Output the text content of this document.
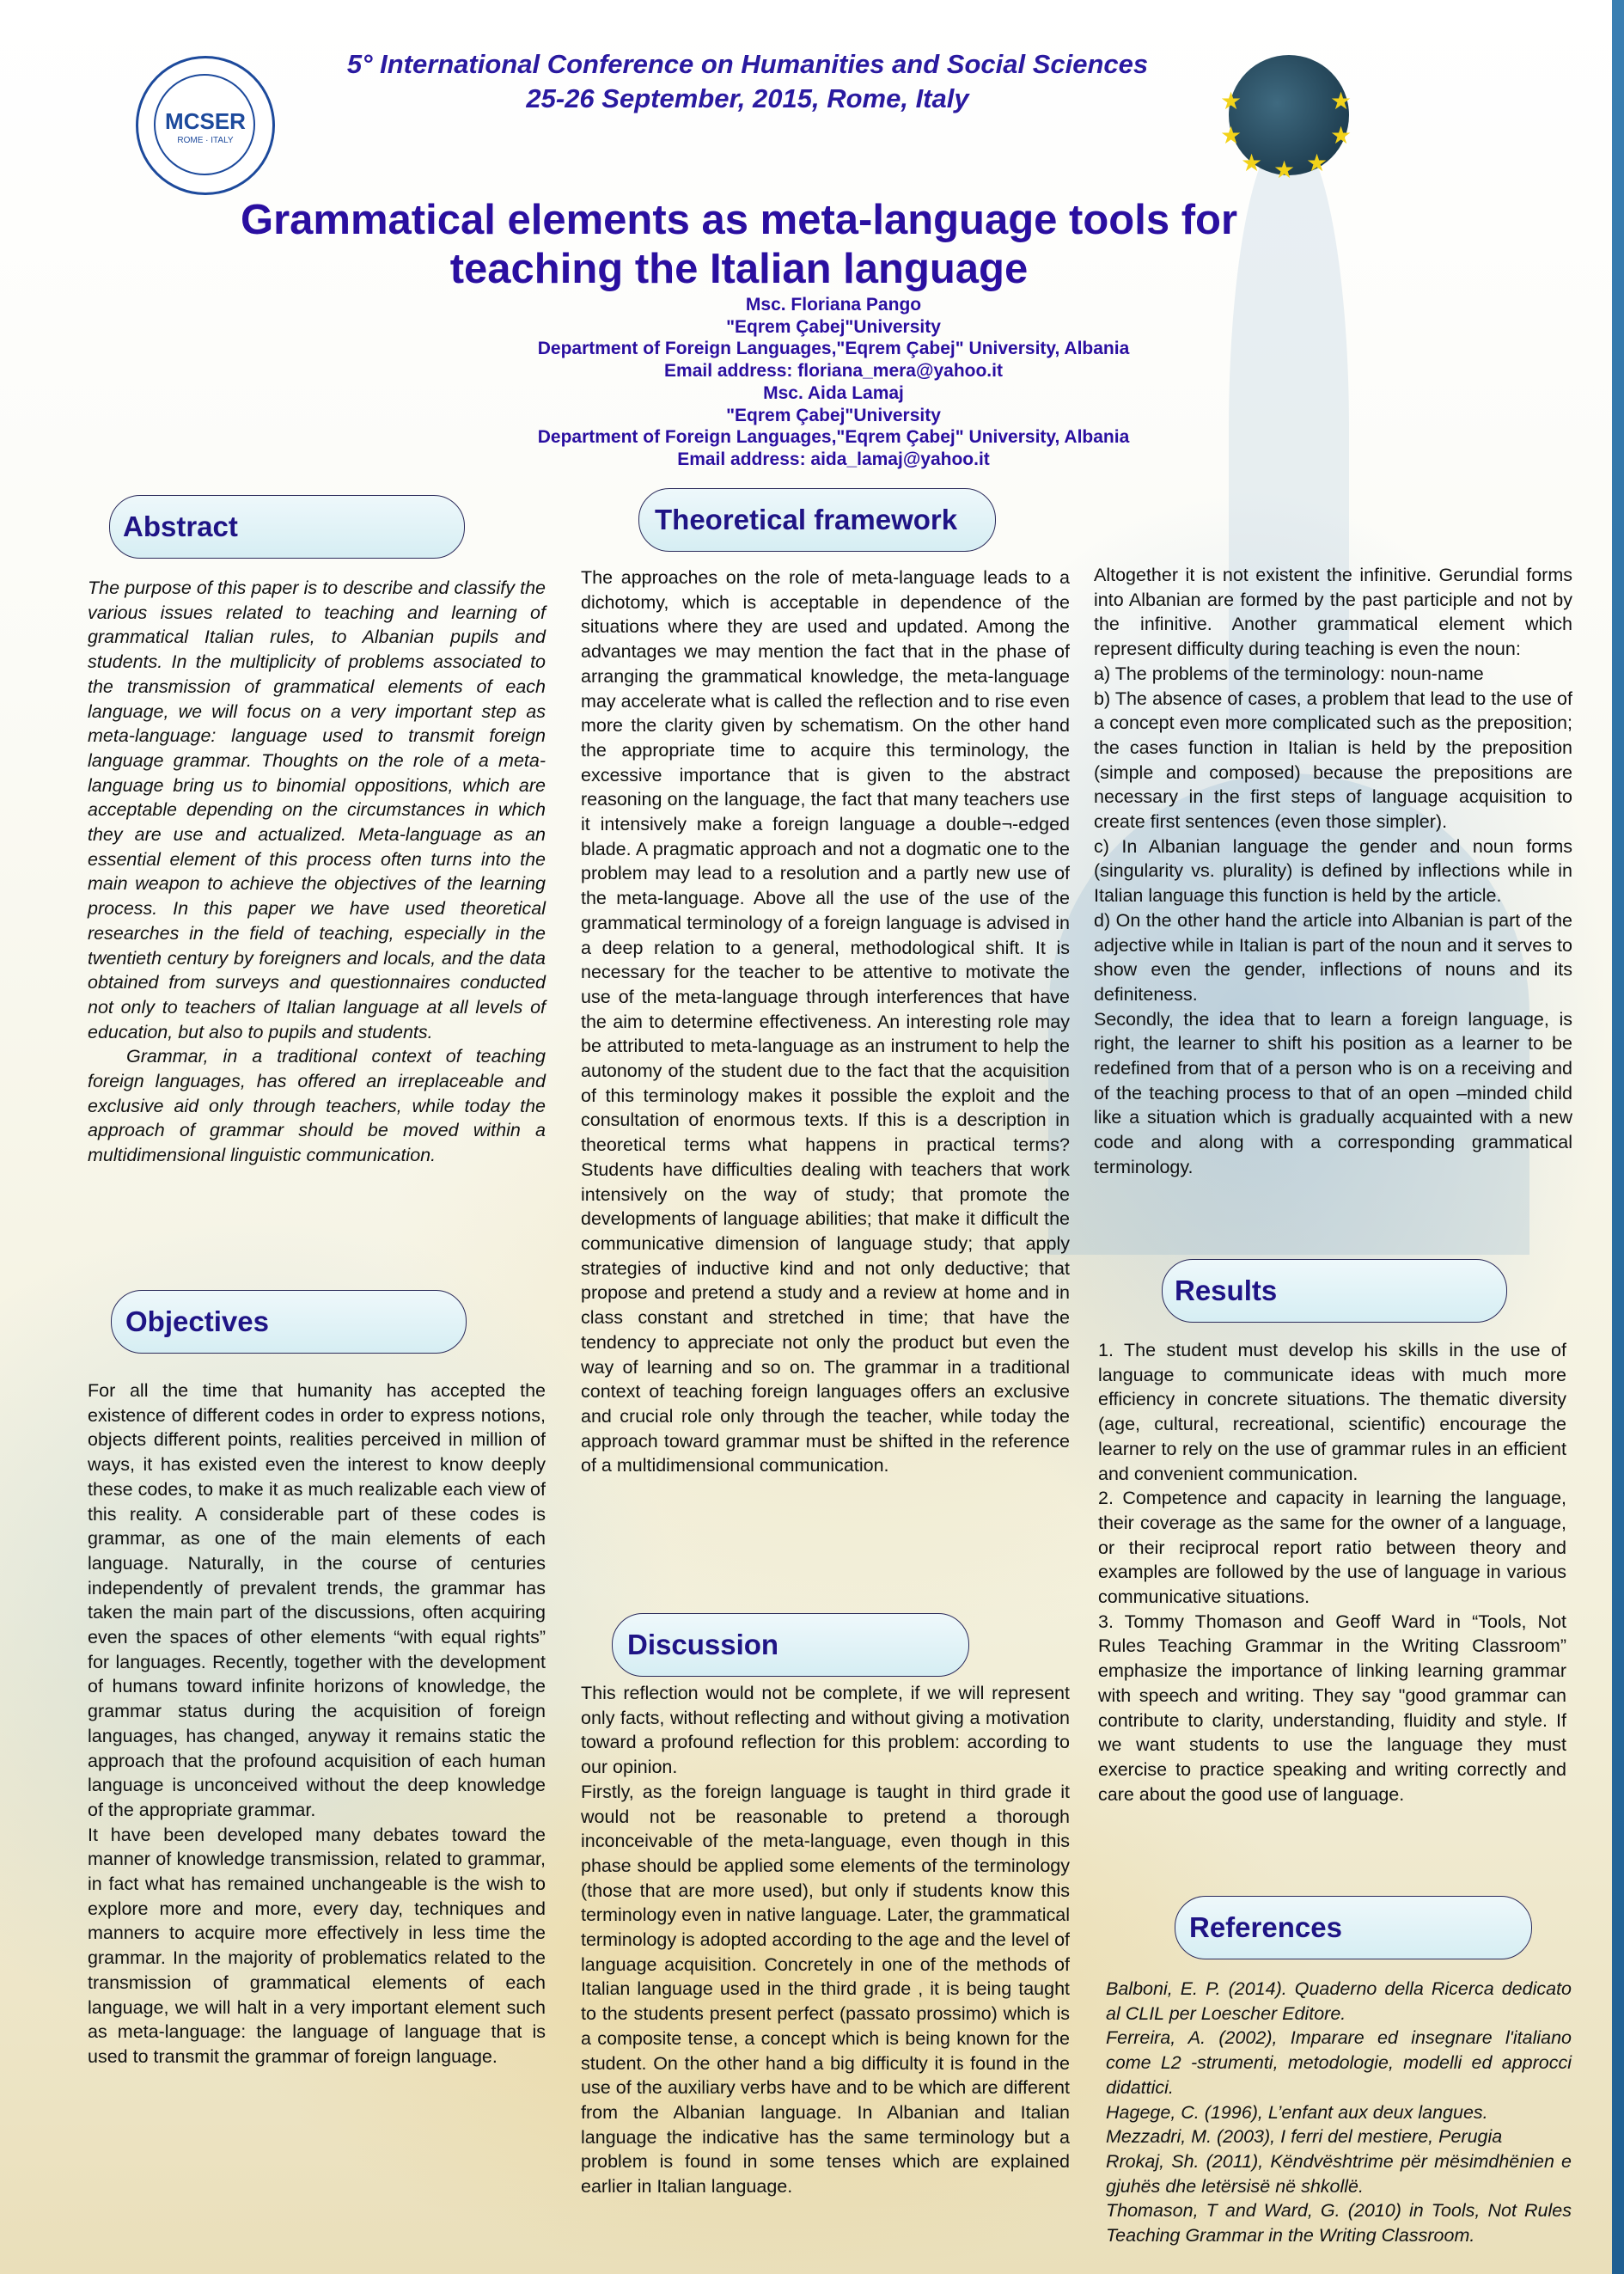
MCSER
ROME · ITALY
5° International Conference on Humanities and Social Sciences
25-26 September, 2015, Rome, Italy	★
★
★ ★ ★
★
★
Grammatical elements as meta-language tools for
teaching the Italian language
Msc. Floriana Pango
"Eqrem Çabej"University
Department of Foreign Languages,"Eqrem Çabej" University, Albania
Email address: floriana_mera@yahoo.it
Msc. Aida Lamaj
"Eqrem Çabej"University
Department of Foreign Languages,"Eqrem Çabej" University, Albania
Email address: aida_lamaj@yahoo.it
Abstract	Theoretical framework
Objectives
Discussion
Results
References

The purpose of this paper is to describe and classify the various issues related to teaching and learning of grammatical Italian rules, to Albanian pupils and students. In the multiplicity of problems associated to the transmission of grammatical elements of each language, we will focus on a very important step as meta-language: language used to transmit foreign language grammar. Thoughts on the role of a meta-language bring us to binomial oppositions, which are acceptable depending on the circumstances in which they are use and actualized. Meta-language as an essential element of this process often turns into the main weapon to achieve the objectives of the learning process. In this paper we have used theoretical researches in the field of teaching, especially in the twentieth century by foreigners and locals, and the data obtained from surveys and questionnaires conducted not only to teachers of Italian language at all levels of education, but also to pupils and students.

Grammar, in a traditional context of teaching foreign languages, has offered an irreplaceable and exclusive aid only through teachers, while today the approach of grammar should be moved within a multidimensional linguistic communication.

For all the time that humanity has accepted the existence of different codes in order to express notions, objects different points, realities perceived in million of ways, it has existed even the interest to know deeply these codes, to make it as much realizable each view of this reality. A considerable part of these codes is grammar, as one of the main elements of each language. Naturally, in the course of centuries independently of prevalent trends, the grammar has taken the main part of the discussions, often acquiring even the spaces of other elements “with equal rights” for languages. Recently, together with the development of humans toward infinite horizons of knowledge, the grammar status during the acquisition of foreign languages, has changed, anyway it remains static the approach that the profound acquisition of each human language is unconceived without the deep knowledge of the appropriate grammar.

It have been developed many debates toward the manner of knowledge transmission, related to grammar, in fact what has remained unchangeable is the wish to explore more and more, every day, techniques and manners to acquire more effectively in less time the grammar. In the majority of problematics related to the transmission of grammatical elements of each language, we will halt in a very important element such as meta-language: the language of language that is used to transmit the grammar of foreign language.

The approaches on the role of meta-language leads to a dichotomy, which is acceptable in dependence of the situations where they are used and updated. Among the advantages we may mention the fact that in the phase of arranging the grammatical knowledge, the meta-language may accelerate what is called the reflection and to rise even more the clarity given by schematism. On the other hand the appropriate time to acquire this terminology, the excessive importance that is given to the abstract reasoning on the language, the fact that many teachers use it intensively make a foreign language a double¬-edged blade. A pragmatic approach and not a dogmatic one to the problem may lead to a resolution and a partly new use of the meta-language. Above all the use of the use of the grammatical terminology of a foreign language is advised in a deep relation to a general, methodological shift. It is necessary for the teacher to be attentive to motivate the use of the meta-language through interferences that have the aim to determine effectiveness. An interesting role may be attributed to meta-language as an instrument to help the autonomy of the student due to the fact that the acquisition of this terminology makes it possible the exploit and the consultation of enormous texts. If this is a description in theoretical terms what happens in practical terms? Students have difficulties dealing with teachers that work intensively on the way of study; that promote the developments of language abilities; that make it difficult the communicative dimension of language study; that apply strategies of inductive kind and not only deductive; that propose and pretend a study and a review at home and in class constant and stretched in time; that have the tendency to appreciate not only the product but even the way of learning and so on. The grammar in a traditional context of teaching foreign languages offers an exclusive and crucial role only through the teacher, while today the approach toward grammar must be shifted in the reference of a multidimensional communication.

This reflection would not be complete, if we will represent only facts, without reflecting and without giving a motivation toward a profound reflection for this problem: according to our opinion.

Firstly, as the foreign language is taught in third grade it would not be reasonable to pretend a thorough inconceivable of the meta-language, even though in this phase should be applied some elements of the terminology (those that are more used), but only if students know this terminology even in native language. Later, the grammatical terminology is adopted according to the age and the level of language acquisition. Concretely in one of the methods of Italian language used in the third grade , it is being taught to the students present perfect (passato prossimo) which is a composite tense, a concept which is being known for the student. On the other hand a big difficulty it is found in the use of the auxiliary verbs have and to be which are different from the Albanian language. In Albanian and Italian language the indicative has the same terminology but a problem is found in some tenses which are explained earlier in Italian language.

Altogether it is not existent the infinitive. Gerundial forms into Albanian are formed by the past participle and not by the infinitive. Another grammatical element which represent difficulty during teaching is even the noun:

a) The problems of the terminology: noun-name

b) The absence of cases, a problem that lead to the use of a concept even more complicated such as the preposition; the cases function in Italian is held by the preposition (simple and composed) because the prepositions are necessary in the first steps of language acquisition to create first sentences (even those simpler).

c) In Albanian language the gender and noun forms (singularity vs. plurality) is defined by inflections while in Italian language this function is held by the article.

d) On the other hand the article into Albanian is part of the adjective while in Italian is part of the noun and it serves to show even the gender, inflections of nouns and its definiteness.

Secondly, the idea that to learn a foreign language, is right, the learner to shift his position as a learner to be redefined from that of a person who is on a receiving and of the teaching process to that of an open –minded child like a situation which is gradually acquainted with a new code and along with a corresponding grammatical terminology.

1. The student must develop his skills in the use of language to communicate ideas with much more efficiency in concrete situations. The thematic diversity (age, cultural, recreational, scientific) encourage the learner to rely on the use of grammar rules in an efficient and convenient communication.

2. Competence and capacity in learning the language, their coverage as the same for the owner of a language, or their reciprocal report ratio between theory and examples are followed by the use of language in various communicative situations.

3. Tommy Thomason and Geoff Ward in “Tools, Not Rules Teaching Grammar in the Writing Classroom” emphasize the importance of linking learning grammar with speech and writing. They say "good grammar can contribute to clarity, understanding, fluidity and style. If we want students to use the language they must exercise to practice speaking and writing correctly and care about the good use of language.

Balboni, E. P. (2014). Quaderno della Ricerca dedicato al CLIL per Loescher Editore.

Ferreira, A. (2002), Imparare ed insegnare l'italiano come L2 -strumenti, metodologie, modelli ed approcci didattici.

Hagege, C. (1996), L’enfant aux deux langues.

Mezzadri, M. (2003), I ferri del mestiere, Perugia

Rrokaj, Sh. (2011), Këndvështrime për mësimdhënien e gjuhës dhe letërsisë në shkollë.

Thomason, T and Ward, G. (2010) in Tools, Not Rules Teaching Grammar in the Writing Classroom.
